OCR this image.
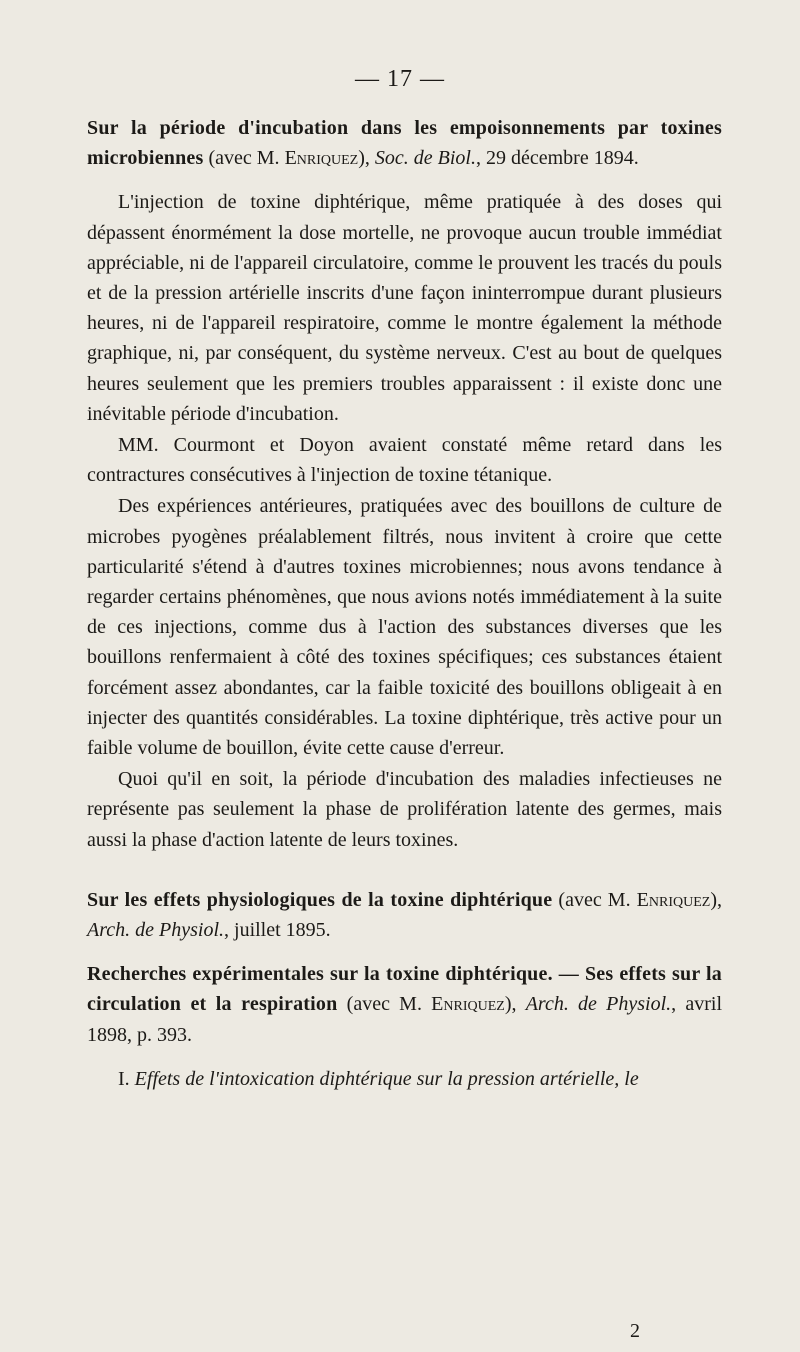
— 17 —

Sur la période d'incubation dans les empoisonnements par toxines microbiennes (avec M. Enriquez), Soc. de Biol., 29 décembre 1894.

L'injection de toxine diphtérique, même pratiquée à des doses qui dépassent énormément la dose mortelle, ne provoque aucun trouble immédiat appréciable, ni de l'appareil circulatoire, comme le prouvent les tracés du pouls et de la pression artérielle inscrits d'une façon ininterrompue durant plusieurs heures, ni de l'appareil respiratoire, comme le montre également la méthode graphique, ni, par conséquent, du système nerveux. C'est au bout de quelques heures seulement que les premiers troubles apparaissent : il existe donc une inévitable période d'incubation.

MM. Courmont et Doyon avaient constaté même retard dans les contractures consécutives à l'injection de toxine tétanique.

Des expériences antérieures, pratiquées avec des bouillons de culture de microbes pyogènes préalablement filtrés, nous invitent à croire que cette particularité s'étend à d'autres toxines microbiennes; nous avons tendance à regarder certains phénomènes, que nous avions notés immédiatement à la suite de ces injections, comme dus à l'action des substances diverses que les bouillons renfermaient à côté des toxines spécifiques; ces substances étaient forcément assez abondantes, car la faible toxicité des bouillons obligeait à en injecter des quantités considérables. La toxine diphtérique, très active pour un faible volume de bouillon, évite cette cause d'erreur.

Quoi qu'il en soit, la période d'incubation des maladies infectieuses ne représente pas seulement la phase de prolifération latente des germes, mais aussi la phase d'action latente de leurs toxines.

Sur les effets physiologiques de la toxine diphtérique (avec M. Enriquez), Arch. de Physiol., juillet 1895.

Recherches expérimentales sur la toxine diphtérique. — Ses effets sur la circulation et la respiration (avec M. Enriquez), Arch. de Physiol., avril 1898, p. 393.

I. Effets de l'intoxication diphtérique sur la pression artérielle, le

2
